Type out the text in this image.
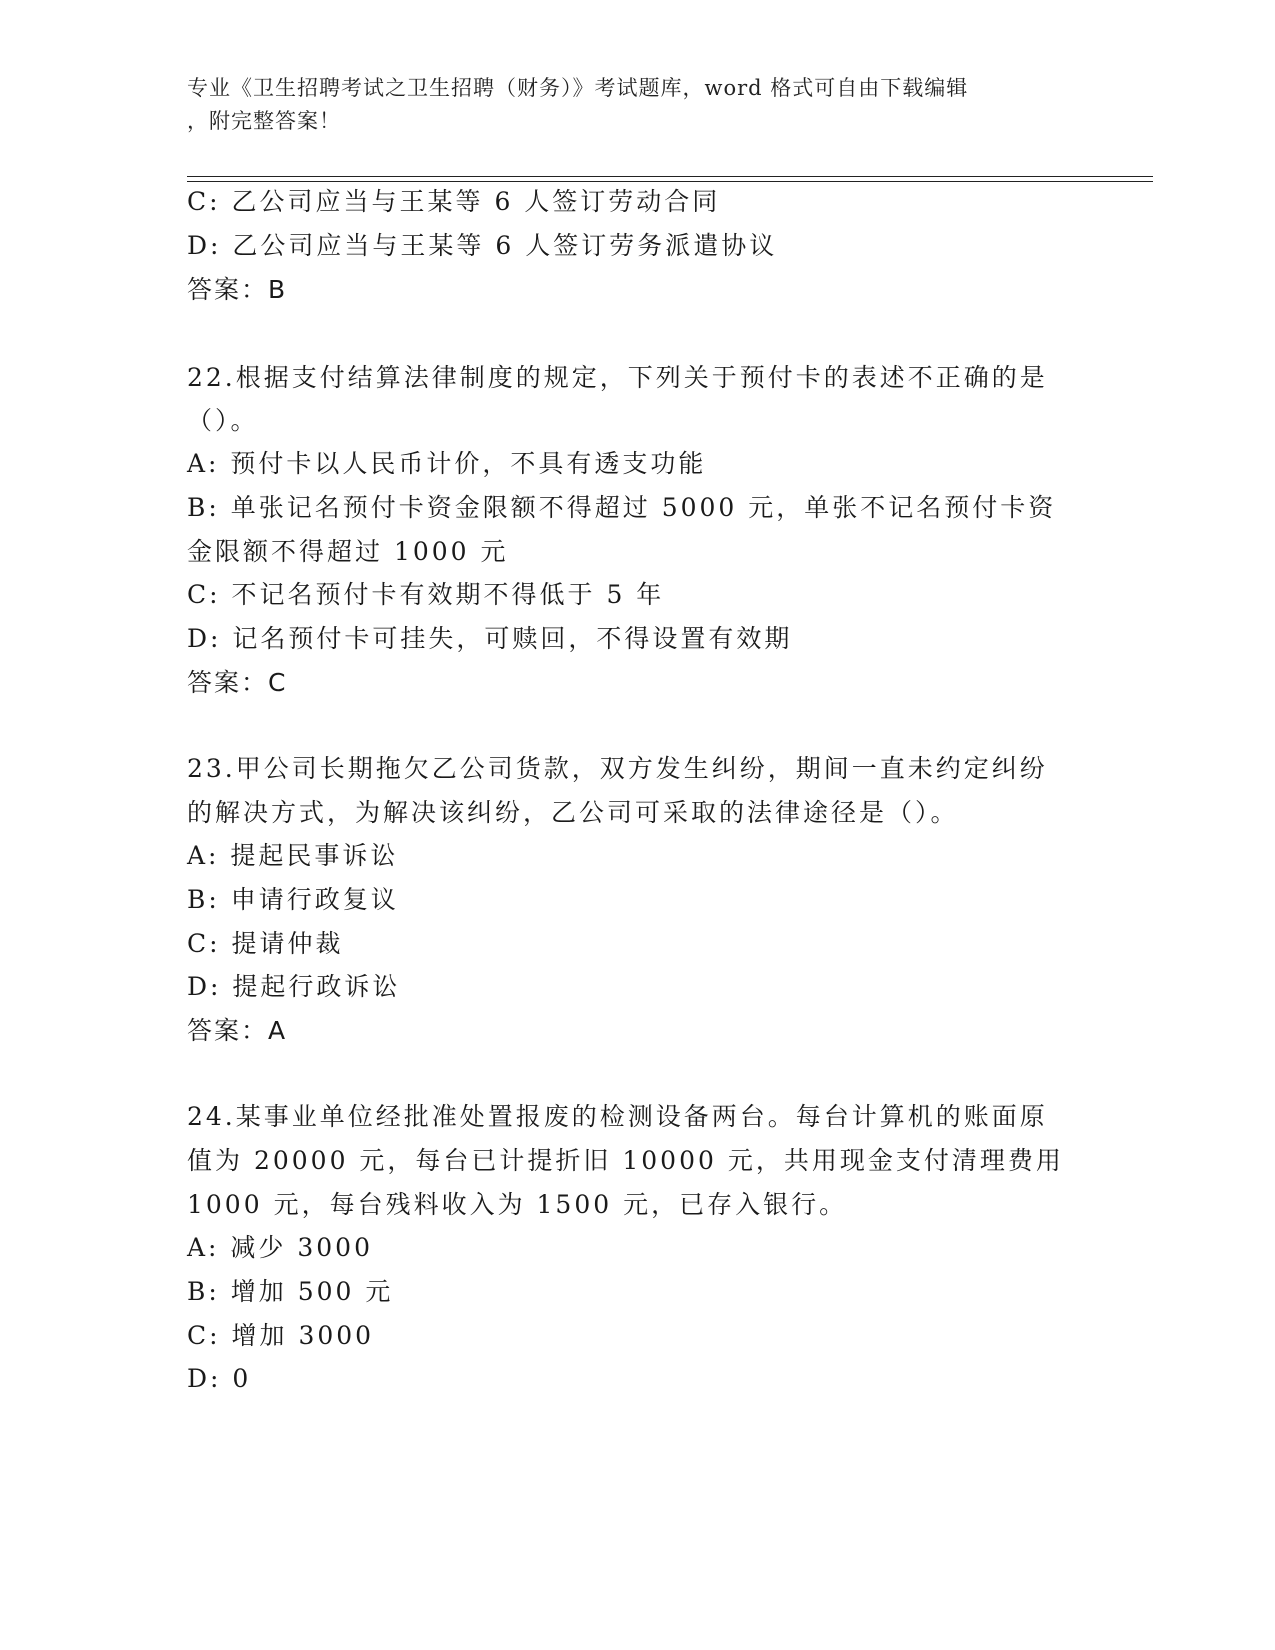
专业《卫生招聘考试之卫生招聘（财务）》考试题库，word 格式可自由下载编辑
，附完整答案！
C: 乙公司应当与王某等 6 人签订劳动合同
D: 乙公司应当与王某等 6 人签订劳务派遣协议
答案：B
22.根据支付结算法律制度的规定，下列关于预付卡的表述不正确的是
（）。
A: 预付卡以人民币计价，不具有透支功能
B: 单张记名预付卡资金限额不得超过 5000 元，单张不记名预付卡资
金限额不得超过 1000 元
C: 不记名预付卡有效期不得低于 5 年
D: 记名预付卡可挂失，可赎回，不得设置有效期
答案：C
23.甲公司长期拖欠乙公司货款，双方发生纠纷，期间一直未约定纠纷
的解决方式，为解决该纠纷，乙公司可采取的法律途径是（）。
A: 提起民事诉讼
B: 申请行政复议
C: 提请仲裁
D: 提起行政诉讼
答案：A
24.某事业单位经批准处置报废的检测设备两台。每台计算机的账面原
值为 20000 元，每台已计提折旧 10000 元，共用现金支付清理费用
1000 元，每台残料收入为 1500 元，已存入银行。
A: 减少 3000
B: 增加 500 元
C: 增加 3000
D: 0
